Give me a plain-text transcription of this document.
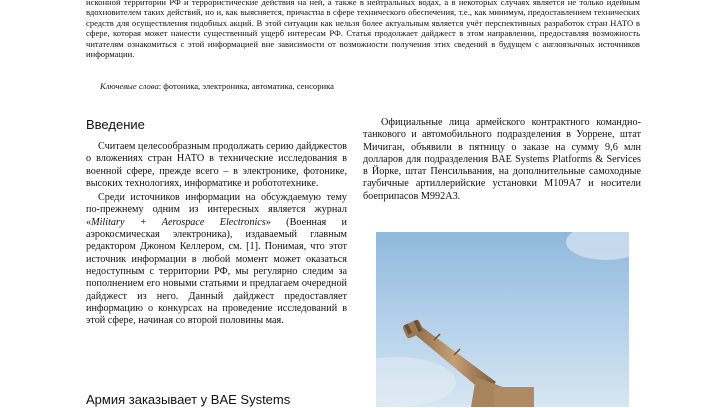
исконной территории РФ и террористические действия на ней, а также в нейтральных водах, а в некоторых случаях является не только идейным вдохновителем таких действий, но и, как выясняется, причастна в сфере технического обеспечения, т.е., как минимум, предоставлением технических средств для осуществления подобных акций. В этой ситуации как нельзя более актуальным является учёт перспективных разработок стран НАТО в сфере, которая может нанести существенный ущерб интересам РФ. Статья продолжает дайджест в этом направлении, предоставляя возможность читателям ознакомиться с этой информацией вне зависимости от возможности получения этих сведений в будущем с англоязычных источников информации.

Ключевые слова: фотоника, электроника, автоматика, сенсорика
Введение

Считаем целесообразным продолжать серию дайджестов о вложениях стран НАТО в технические исследования в военной сфере, прежде всего – в электронике, фотонике, высоких технологиях, информатике и робототехнике.

Среди источников информации на обсуждаемую тему по-прежнему одним из интересных является журнал «Military + Aerospace Electronics» (Военная и аэрокосмическая электроника), издаваемый главным редактором Джоном Келлером, см. [1]. Понимая, что этот источник информации в любой момент может оказаться недоступным с территории РФ, мы регулярно следим за пополнением его новыми статьями и предлагаем очередной дайджест из него. Данный дайджест предоставляет информацию о конкурсах на проведение исследований в этой сфере, начиная со второй половины мая.

Официальные лица армейского контрактного командно-танкового и автомобильного подразделения в Уоррене, штат Мичиган, объявили в пятницу о заказе на сумму 9,6 млн долларов для подразделения BAE Systems Platforms & Services в Йорке, штат Пенсильвания, на дополнительные самоходные гаубичные артиллерийские установки M109A7 и носители боеприпасов M992A3.

Армия заказывает у BAE Systems
